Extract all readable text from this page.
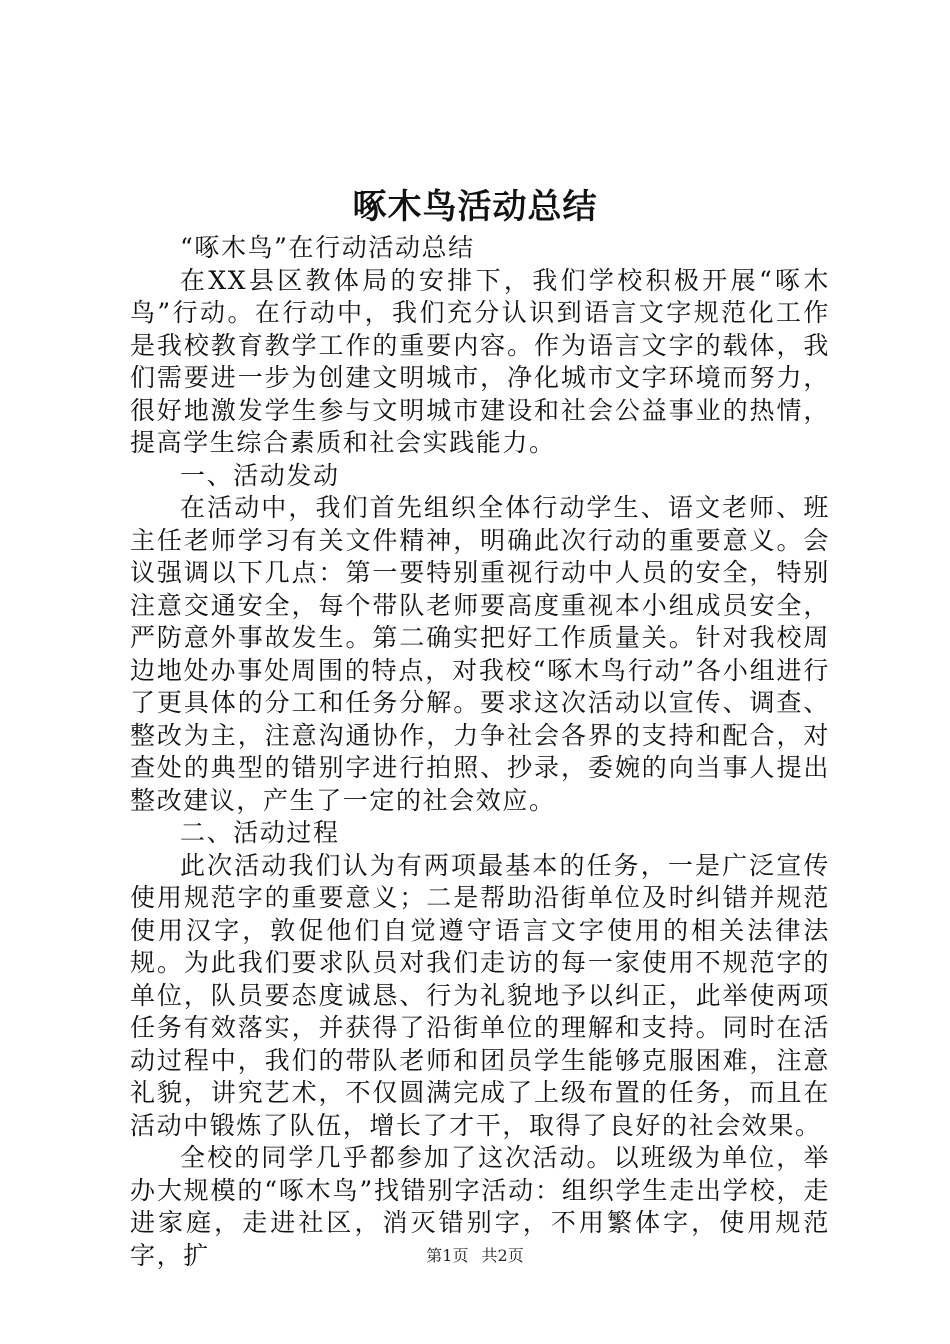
啄木鸟活动总结

“啄木鸟”在行动活动总结

在XX县区教体局的安排下，我们学校积极开展“啄木鸟”行动。在行动中，我们充分认识到语言文字规范化工作是我校教育教学工作的重要内容。作为语言文字的载体，我们需要进一步为创建文明城市，净化城市文字环境而努力，很好地激发学生参与文明城市建设和社会公益事业的热情，提高学生综合素质和社会实践能力。

一、活动发动

在活动中，我们首先组织全体行动学生、语文老师、班主任老师学习有关文件精神，明确此次行动的重要意义。会议强调以下几点：第一要特别重视行动中人员的安全，特别注意交通安全，每个带队老师要高度重视本小组成员安全，严防意外事故发生。第二确实把好工作质量关。针对我校周边地处办事处周围的特点，对我校“啄木鸟行动”各小组进行了更具体的分工和任务分解。要求这次活动以宣传、调查、整改为主，注意沟通协作，力争社会各界的支持和配合，对查处的典型的错别字进行拍照、抄录，委婉的向当事人提出整改建议，产生了一定的社会效应。

二、活动过程

此次活动我们认为有两项最基本的任务，一是广泛宣传使用规范字的重要意义；二是帮助沿街单位及时纠错并规范使用汉字，敦促他们自觉遵守语言文字使用的相关法律法规。为此我们要求队员对我们走访的每一家使用不规范字的单位，队员要态度诚恳、行为礼貌地予以纠正，此举使两项任务有效落实，并获得了沿街单位的理解和支持。同时在活动过程中，我们的带队老师和团员学生能够克服困难，注意礼貌，讲究艺术，不仅圆满完成了上级布置的任务，而且在活动中锻炼了队伍，增长了才干，取得了良好的社会效果。

全校的同学几乎都参加了这次活动。以班级为单位，举办大规模的“啄木鸟”找错别字活动：组织学生走出学校，走进家庭，走进社区，消灭错别字，不用繁体字，使用规范字，扩	第1页 共2页
